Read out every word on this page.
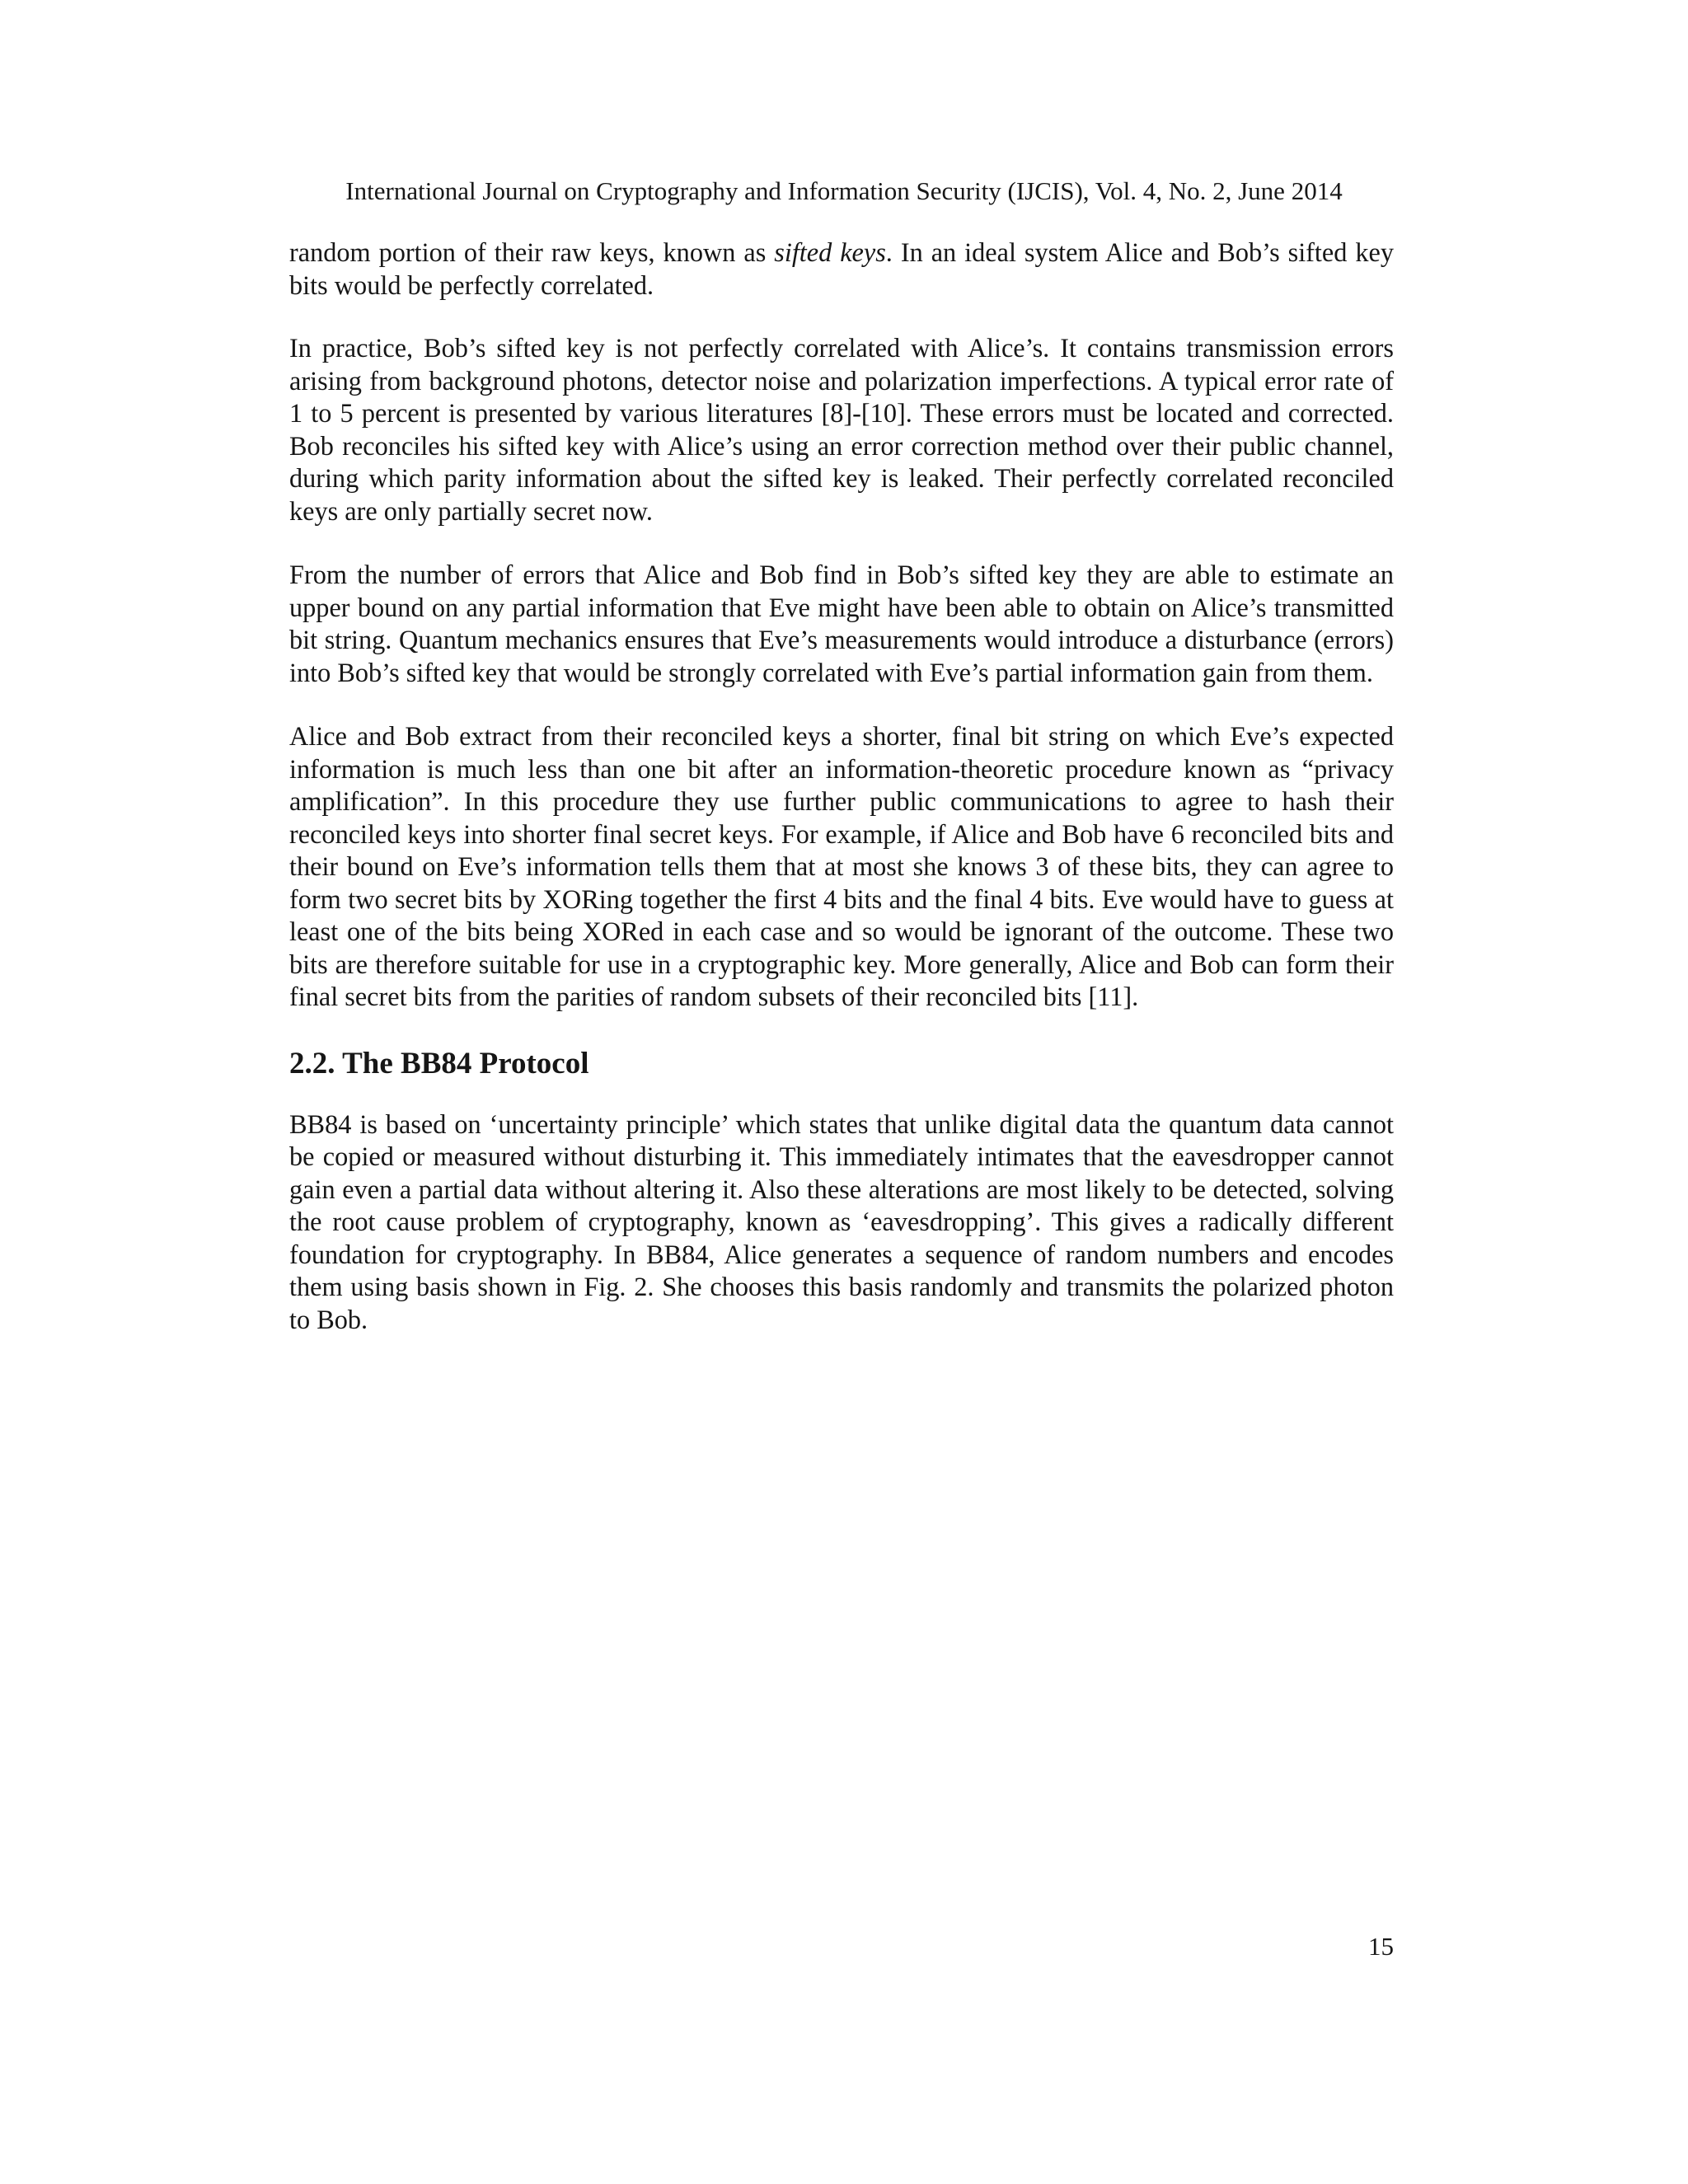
International Journal on Cryptography and Information Security (IJCIS), Vol. 4, No. 2, June 2014

random portion of their raw keys, known as sifted keys. In an ideal system Alice and Bob’s sifted key bits would be perfectly correlated.

In practice, Bob’s sifted key is not perfectly correlated with Alice’s. It contains transmission errors arising from background photons, detector noise and polarization imperfections. A typical error rate of 1 to 5 percent is presented by various literatures [8]-[10]. These errors must be located and corrected. Bob reconciles his sifted key with Alice’s using an error correction method over their public channel, during which parity information about the sifted key is leaked. Their perfectly correlated reconciled keys are only partially secret now.

From the number of errors that Alice and Bob find in Bob’s sifted key they are able to estimate an upper bound on any partial information that Eve might have been able to obtain on Alice’s transmitted bit string. Quantum mechanics ensures that Eve’s measurements would introduce a disturbance (errors) into Bob’s sifted key that would be strongly correlated with Eve’s partial information gain from them.

Alice and Bob extract from their reconciled keys a shorter, final bit string on which Eve’s expected information is much less than one bit after an information-theoretic procedure known as “privacy amplification”. In this procedure they use further public communications to agree to hash their reconciled keys into shorter final secret keys. For example, if Alice and Bob have 6 reconciled bits and their bound on Eve’s information tells them that at most she knows 3 of these bits, they can agree to form two secret bits by XORing together the first 4 bits and the final 4 bits. Eve would have to guess at least one of the bits being XORed in each case and so would be ignorant of the outcome. These two bits are therefore suitable for use in a cryptographic key. More generally, Alice and Bob can form their final secret bits from the parities of random subsets of their reconciled bits [11].

2.2. The BB84 Protocol

BB84 is based on ‘uncertainty principle’ which states that unlike digital data the quantum data cannot be copied or measured without disturbing it. This immediately intimates that the eavesdropper cannot gain even a partial data without altering it. Also these alterations are most likely to be detected, solving the root cause problem of cryptography, known as ‘eavesdropping’. This gives a radically different foundation for cryptography. In BB84, Alice generates a sequence of random numbers and encodes them using basis shown in Fig. 2. She chooses this basis randomly and transmits the polarized photon to Bob.

15
